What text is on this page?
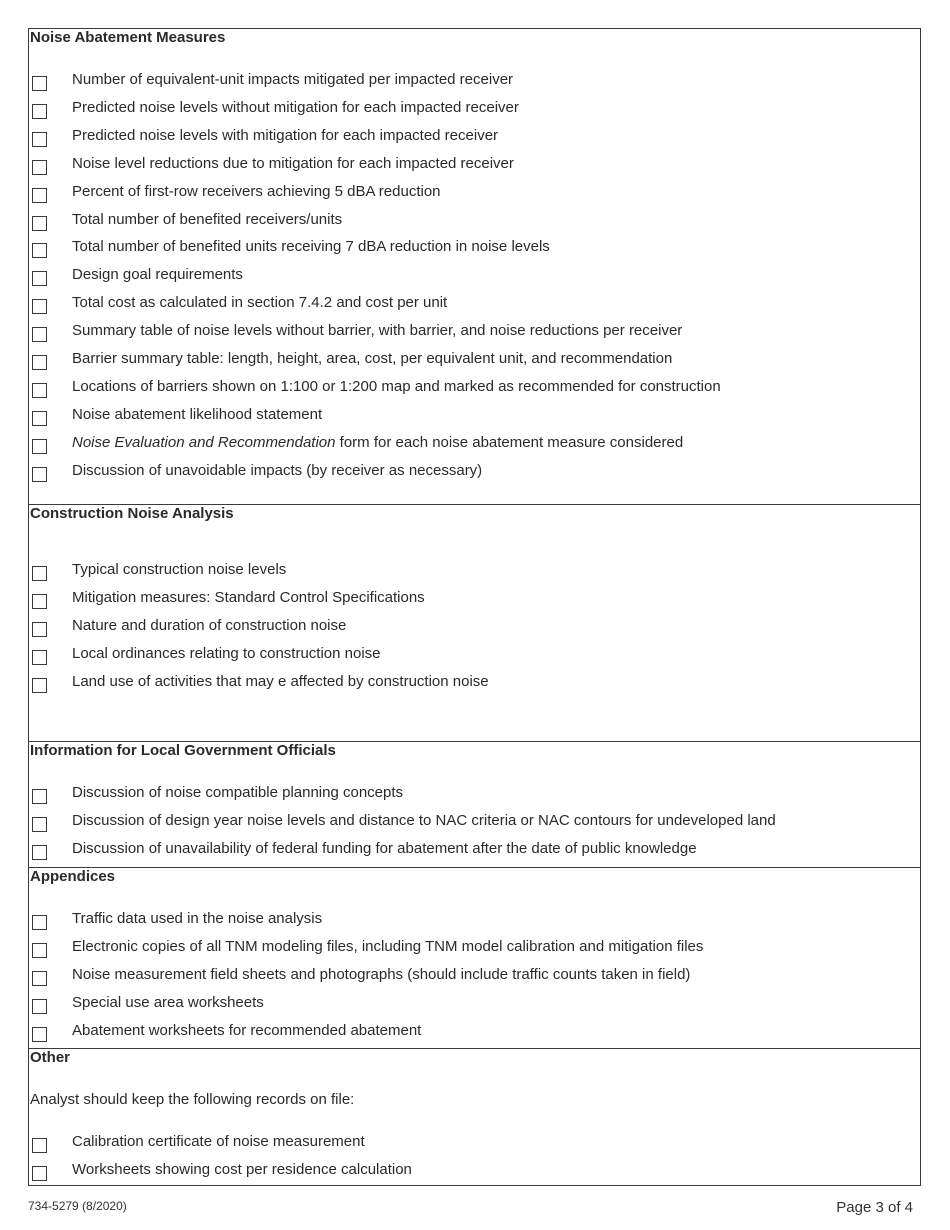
Noise Abatement Measures
Number of equivalent-unit impacts mitigated per impacted receiver
Predicted noise levels without mitigation for each impacted receiver
Predicted noise levels with mitigation for each impacted receiver
Noise level reductions due to mitigation for each impacted receiver
Percent of first-row receivers achieving 5 dBA reduction
Total number of benefited receivers/units
Total number of benefited units receiving 7 dBA reduction in noise levels
Design goal requirements
Total cost as calculated in section 7.4.2 and cost per unit
Summary table of noise levels without barrier, with barrier, and noise reductions per receiver
Barrier summary table: length, height, area, cost, per equivalent unit, and recommendation
Locations of barriers shown on 1:100 or 1:200 map and marked as recommended for construction
Noise abatement likelihood statement
Noise Evaluation and Recommendation form for each noise abatement measure considered
Discussion of unavoidable impacts (by receiver as necessary)
Construction Noise Analysis
Typical construction noise levels
Mitigation measures: Standard Control Specifications
Nature and duration of construction noise
Local ordinances relating to construction noise
Land use of activities that may e affected by construction noise
Information for Local Government Officials
Discussion of noise compatible planning concepts
Discussion of design year noise levels and distance to NAC criteria or NAC contours for undeveloped land
Discussion of unavailability of federal funding for abatement after the date of public knowledge
Appendices
Traffic data used in the noise analysis
Electronic copies of all TNM modeling files, including TNM model calibration and mitigation files
Noise measurement field sheets and photographs (should include traffic counts taken in field)
Special use area worksheets
Abatement worksheets for recommended abatement
Other
Analyst should keep the following records on file:
Calibration certificate of noise measurement
Worksheets showing cost per residence calculation
734-5279 (8/2020)	Page 3 of 4
